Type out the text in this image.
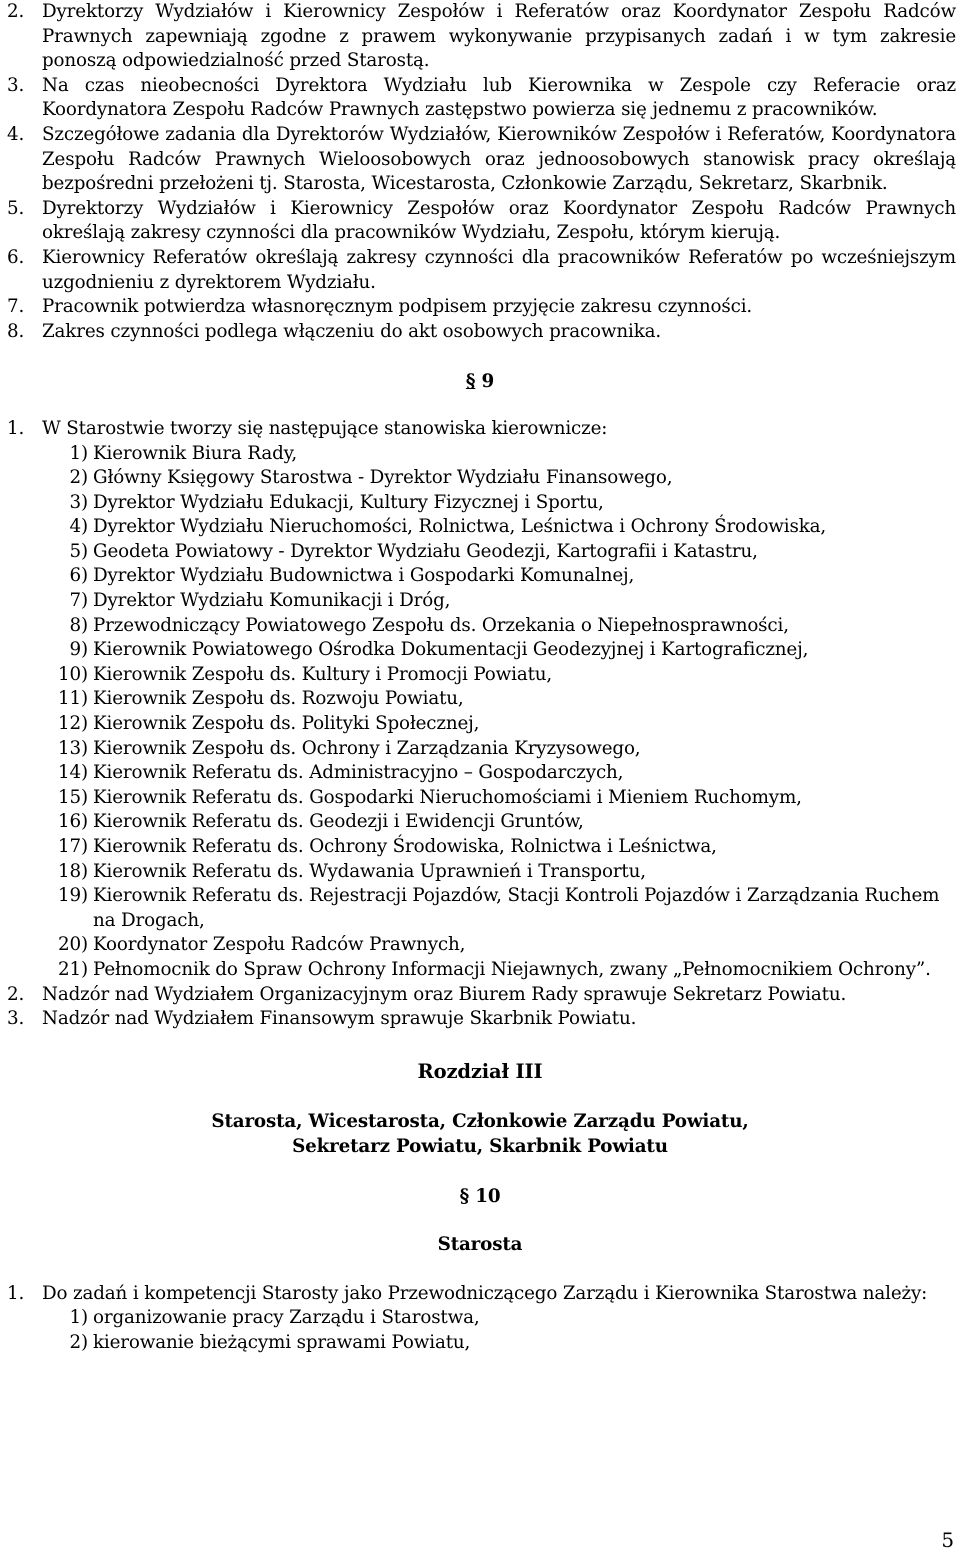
2. Dyrektorzy Wydziałów i Kierownicy Zespołów i Referatów oraz Koordynator Zespołu Radców Prawnych zapewniają zgodne z prawem wykonywanie przypisanych zadań i w tym zakresie ponoszą odpowiedzialność przed Starostą.
3. Na czas nieobecności Dyrektora Wydziału lub Kierownika w Zespole czy Referacie oraz Koordynatora Zespołu Radców Prawnych zastępstwo powierza się jednemu z pracowników.
4. Szczegółowe zadania dla Dyrektorów Wydziałów, Kierowników Zespołów i Referatów, Koordynatora Zespołu Radców Prawnych Wieloosobowych oraz jednoosobowych stanowisk pracy określają bezpośredni przełożeni tj. Starosta, Wicestarosta, Członkowie Zarządu, Sekretarz, Skarbnik.
5. Dyrektorzy Wydziałów i Kierownicy Zespołów oraz Koordynator Zespołu Radców Prawnych określają zakresy czynności dla pracowników Wydziału, Zespołu, którym kierują.
6. Kierownicy Referatów określają zakresy czynności dla pracowników Referatów po wcześniejszym uzgodnieniu z dyrektorem Wydziału.
7. Pracownik potwierdza własnoręcznym podpisem przyjęcie zakresu czynności.
8. Zakres czynności podlega włączeniu do akt osobowych pracownika.
§ 9
1. W Starostwie tworzy się następujące stanowiska kierownicze:
1) Kierownik Biura Rady,
2) Główny Księgowy Starostwa - Dyrektor Wydziału Finansowego,
3) Dyrektor Wydziału Edukacji, Kultury Fizycznej i Sportu,
4) Dyrektor Wydziału Nieruchomości, Rolnictwa, Leśnictwa i Ochrony Środowiska,
5) Geodeta Powiatowy - Dyrektor Wydziału Geodezji, Kartografii i Katastru,
6) Dyrektor Wydziału Budownictwa i Gospodarki Komunalnej,
7) Dyrektor Wydziału Komunikacji i Dróg,
8) Przewodniczący Powiatowego Zespołu ds. Orzekania o Niepełnosprawności,
9) Kierownik Powiatowego Ośrodka Dokumentacji Geodezyjnej i Kartograficznej,
10) Kierownik Zespołu ds. Kultury i Promocji Powiatu,
11) Kierownik Zespołu ds. Rozwoju Powiatu,
12) Kierownik Zespołu ds. Polityki Społecznej,
13) Kierownik Zespołu ds. Ochrony i Zarządzania Kryzysowego,
14) Kierownik Referatu ds. Administracyjno – Gospodarczych,
15) Kierownik Referatu ds. Gospodarki Nieruchomościami i Mieniem Ruchomym,
16) Kierownik Referatu ds. Geodezji i Ewidencji Gruntów,
17) Kierownik Referatu ds. Ochrony Środowiska, Rolnictwa i Leśnictwa,
18) Kierownik Referatu ds. Wydawania Uprawnień i Transportu,
19) Kierownik Referatu ds. Rejestracji Pojazdów, Stacji Kontroli Pojazdów i Zarządzania Ruchem na Drogach,
20) Koordynator Zespołu Radców Prawnych,
21) Pełnomocnik do Spraw Ochrony Informacji Niejawnych, zwany „Pełnomocnikiem Ochrony”.
2. Nadzór nad Wydziałem Organizacyjnym oraz Biurem Rady sprawuje Sekretarz Powiatu.
3. Nadzór nad Wydziałem Finansowym sprawuje Skarbnik Powiatu.
Rozdział III
Starosta, Wicestarosta, Członkowie Zarządu Powiatu,
Sekretarz Powiatu, Skarbnik Powiatu
§ 10
Starosta
1. Do zadań i kompetencji Starosty jako Przewodniczącego Zarządu i Kierownika Starostwa należy:
1) organizowanie pracy Zarządu i Starostwa,
2) kierowanie bieżącymi sprawami Powiatu,
5
